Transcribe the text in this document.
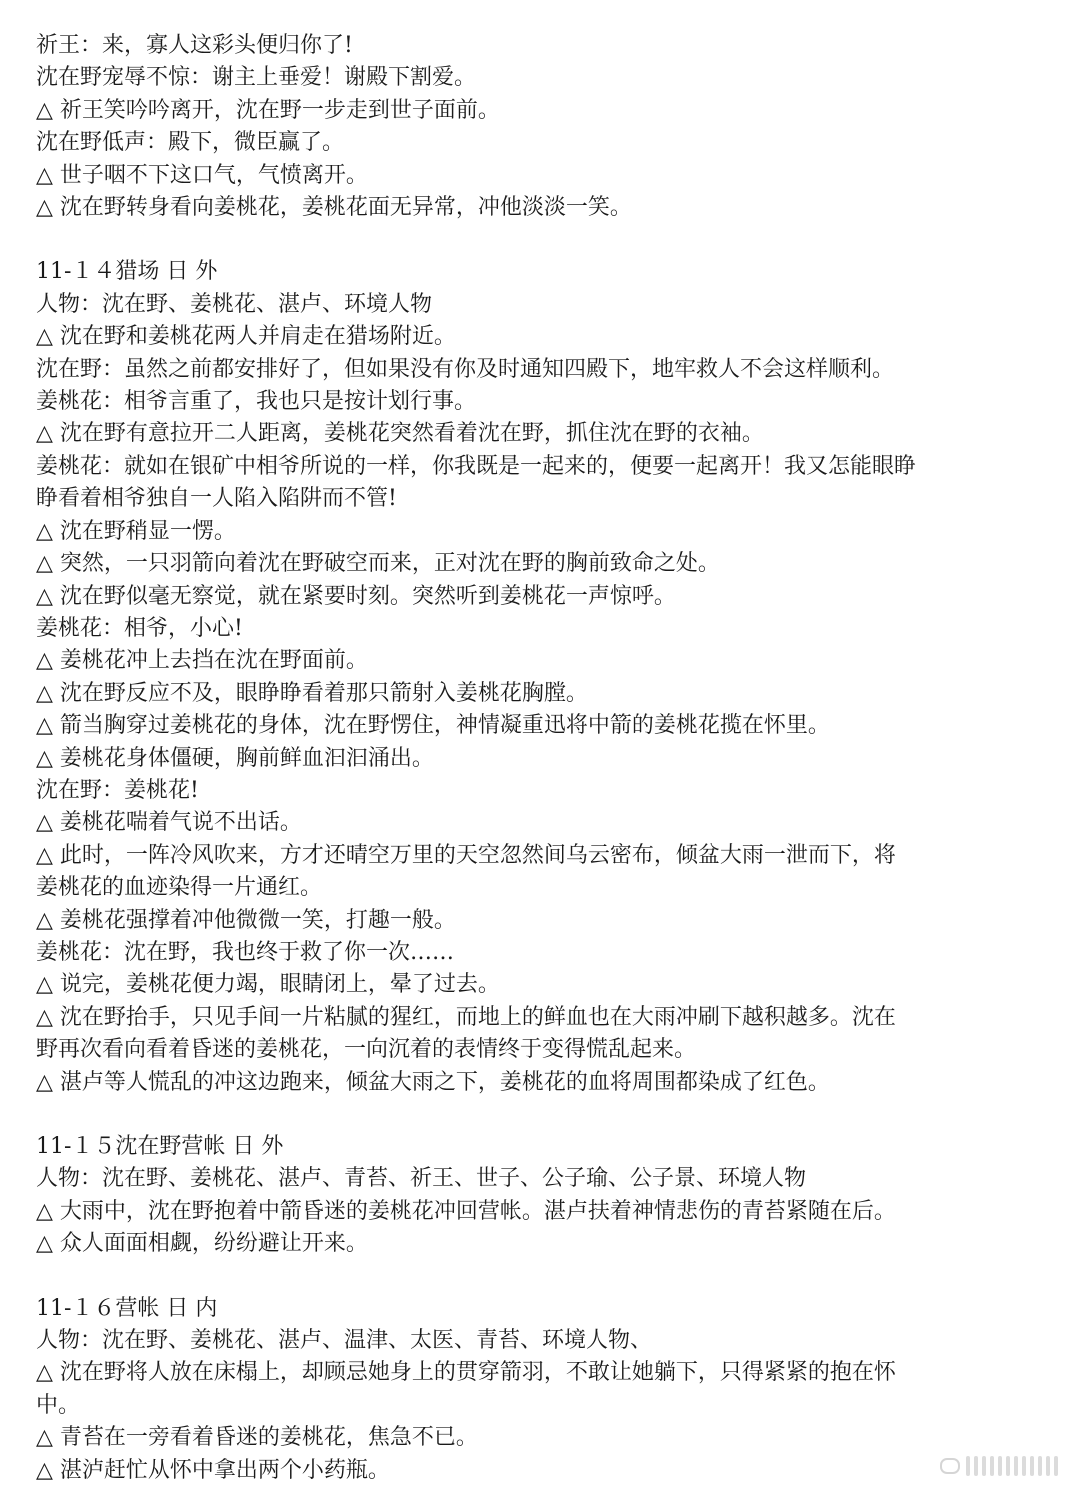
祈王：来，寡人这彩头便归你了!
沈在野宠辱不惊：谢主上垂爱！谢殿下割爱。
△ 祈王笑吟吟离开，沈在野一步走到世子面前。
沈在野低声：殿下，微臣赢了。
△ 世子咽不下这口气，气愤离开。
△ 沈在野转身看向姜桃花，姜桃花面无异常，冲他淡淡一笑。
11-１４猎场 日 外
人物：沈在野、姜桃花、湛卢、环境人物
△ 沈在野和姜桃花两人并肩走在猎场附近。
沈在野：虽然之前都安排好了，但如果没有你及时通知四殿下，地牢救人不会这样顺利。
姜桃花：相爷言重了，我也只是按计划行事。
△ 沈在野有意拉开二人距离，姜桃花突然看着沈在野，抓住沈在野的衣袖。
姜桃花：就如在银矿中相爷所说的一样，你我既是一起来的，便要一起离开！我又怎能眼睁
睁看着相爷独自一人陷入陷阱而不管!
△ 沈在野稍显一愣。
△ 突然，一只羽箭向着沈在野破空而来，正对沈在野的胸前致命之处。
△ 沈在野似毫无察觉，就在紧要时刻。突然听到姜桃花一声惊呼。
姜桃花：相爷，小心!
△ 姜桃花冲上去挡在沈在野面前。
△ 沈在野反应不及，眼睁睁看着那只箭射入姜桃花胸膛。
△ 箭当胸穿过姜桃花的身体，沈在野愣住，神情凝重迅将中箭的姜桃花揽在怀里。
△ 姜桃花身体僵硬，胸前鲜血汩汩涌出。
沈在野：姜桃花!
△ 姜桃花喘着气说不出话。
△ 此时，一阵冷风吹来，方才还晴空万里的天空忽然间乌云密布，倾盆大雨一泄而下，将
姜桃花的血迹染得一片通红。
△ 姜桃花强撑着冲他微微一笑，打趣一般。
姜桃花：沈在野，我也终于救了你一次……
△ 说完，姜桃花便力竭，眼睛闭上，晕了过去。
△ 沈在野抬手，只见手间一片粘腻的猩红，而地上的鲜血也在大雨冲刷下越积越多。沈在
野再次看向看着昏迷的姜桃花，一向沉着的表情终于变得慌乱起来。
△ 湛卢等人慌乱的冲这边跑来，倾盆大雨之下，姜桃花的血将周围都染成了红色。
11-１５沈在野营帐 日 外
人物：沈在野、姜桃花、湛卢、青苔、祈王、世子、公子瑜、公子景、环境人物
△ 大雨中，沈在野抱着中箭昏迷的姜桃花冲回营帐。湛卢扶着神情悲伤的青苔紧随在后。
△ 众人面面相觑，纷纷避让开来。
11-１６营帐 日 内
人物：沈在野、姜桃花、湛卢、温津、太医、青苔、环境人物、
△ 沈在野将人放在床榻上，却顾忌她身上的贯穿箭羽，不敢让她躺下，只得紧紧的抱在怀
中。
△ 青苔在一旁看着昏迷的姜桃花，焦急不已。
△ 湛泸赶忙从怀中拿出两个小药瓶。
